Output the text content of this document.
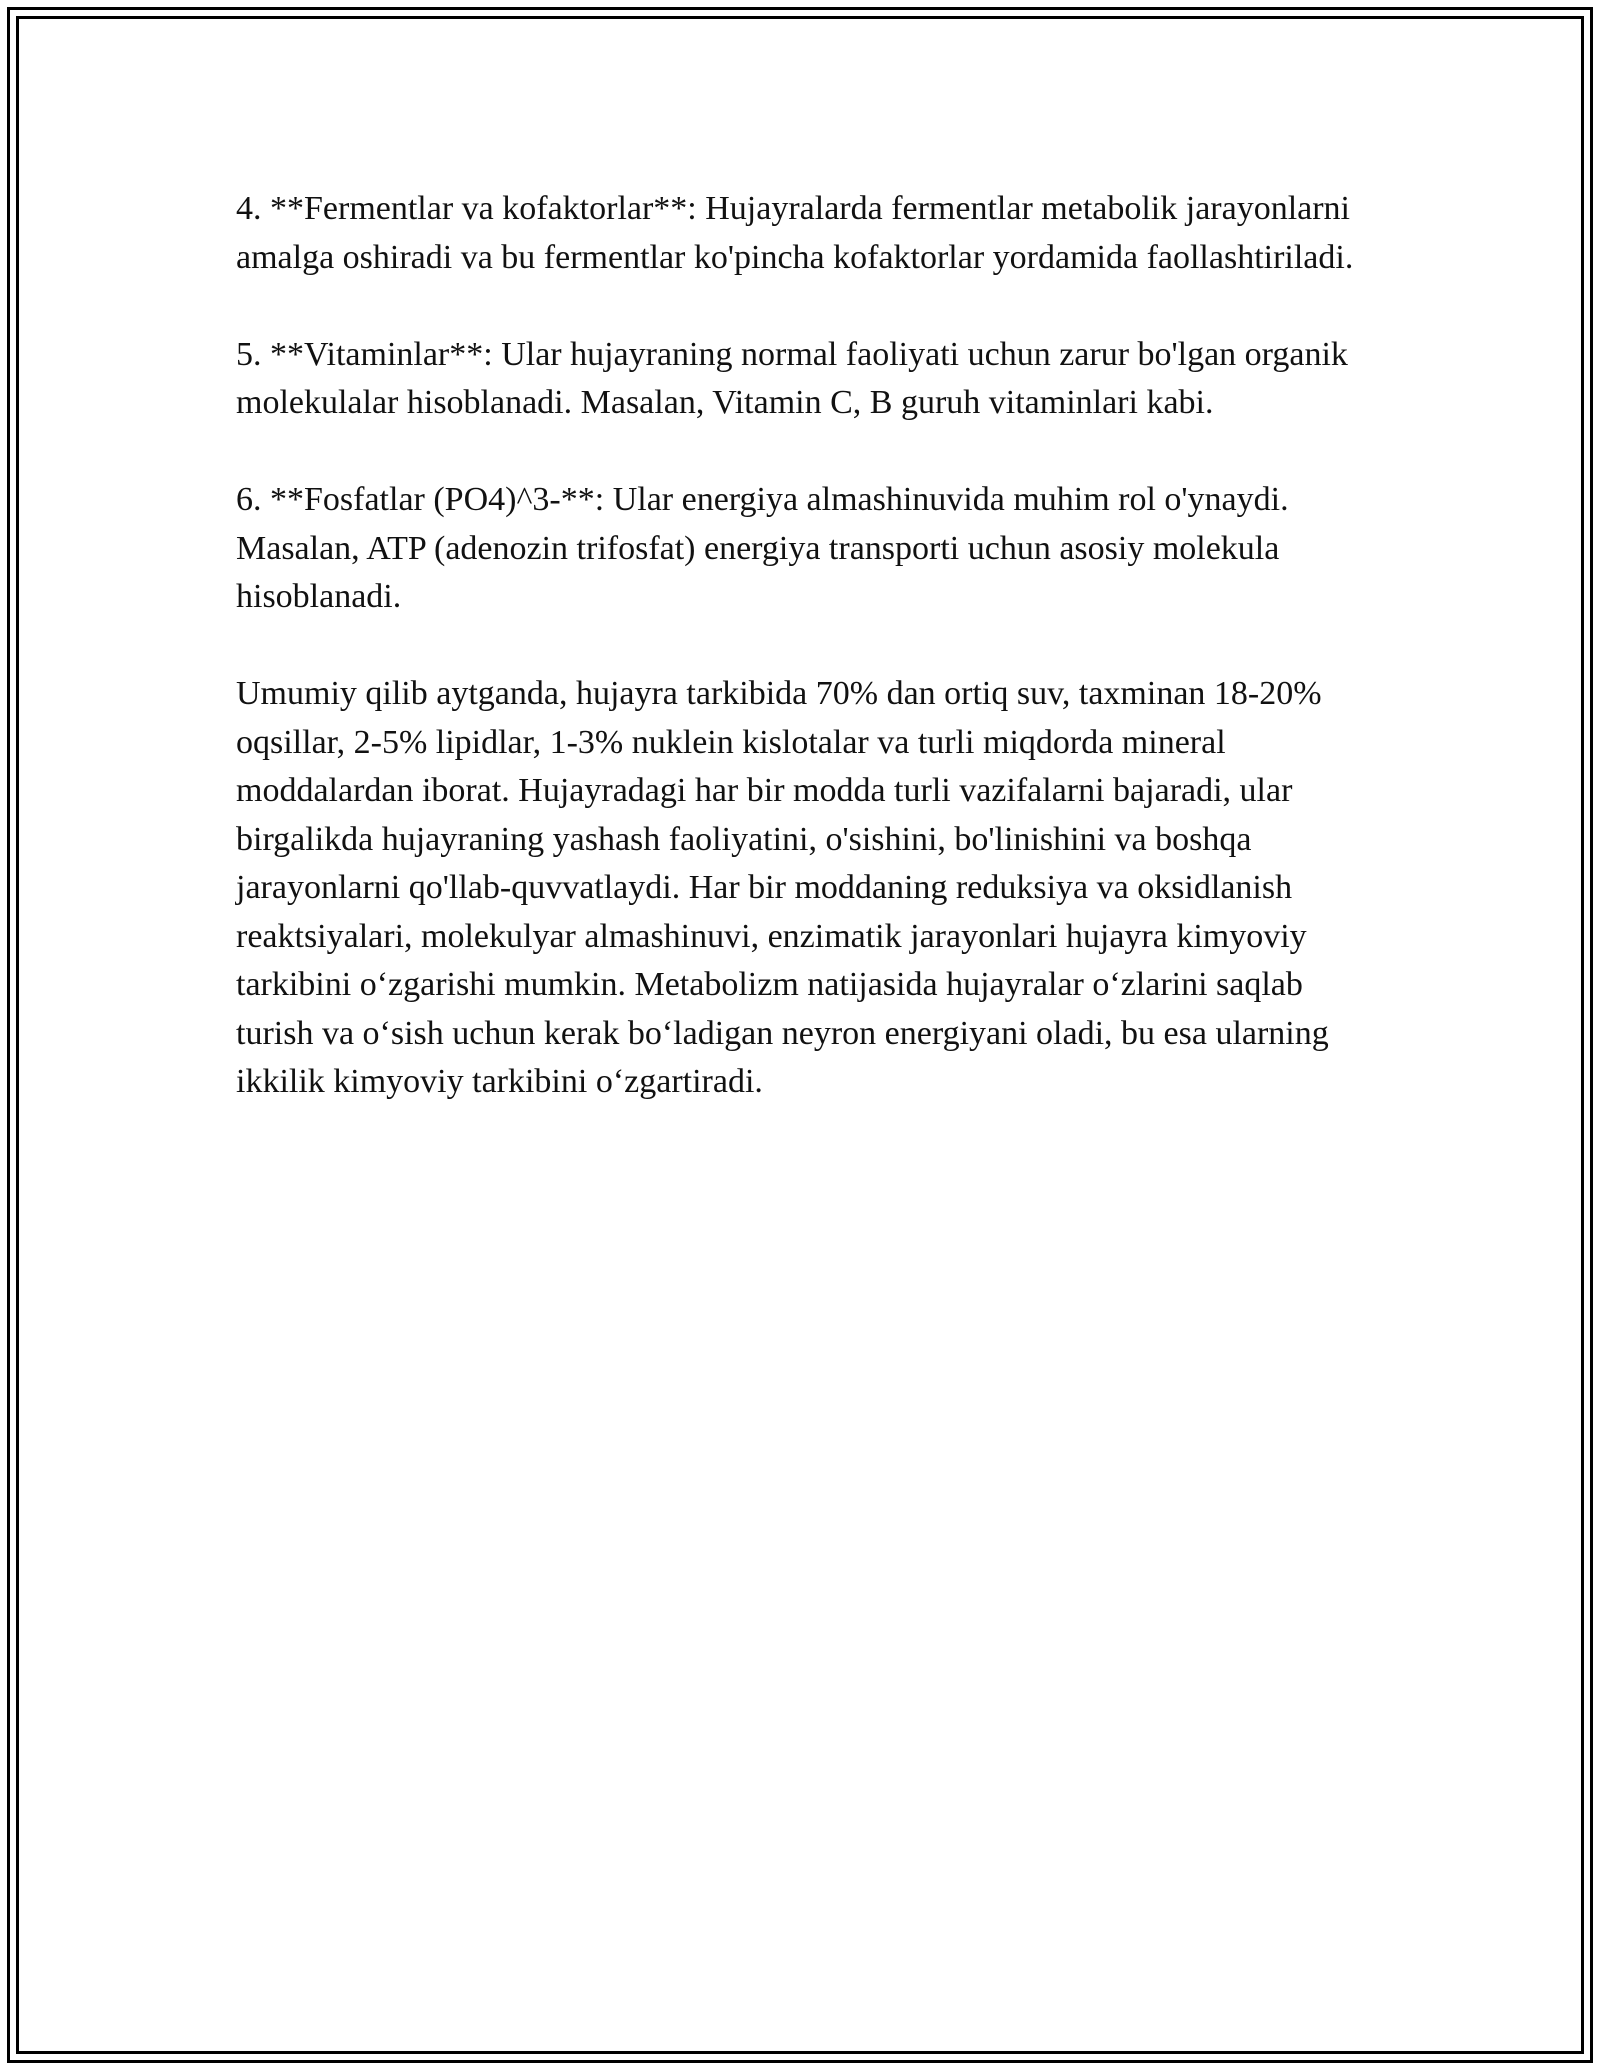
4. **Fermentlar va kofaktorlar**: Hujayralarda fermentlar metabolik jarayonlarni amalga oshiradi va bu fermentlar ko'pincha kofaktorlar yordamida faollashtiriladi.

5. **Vitaminlar**: Ular hujayraning normal faoliyati uchun zarur bo'lgan organik molekulalar hisoblanadi. Masalan, Vitamin C, B guruh vitaminlari kabi.

6. **Fosfatlar (PO4)^3-**: Ular energiya almashinuvida muhim rol o'ynaydi. Masalan, ATP (adenozin trifosfat) energiya transporti uchun asosiy molekula hisoblanadi.

Umumiy qilib aytganda, hujayra tarkibida 70% dan ortiq suv, taxminan 18-20% oqsillar, 2-5% lipidlar, 1-3% nuklein kislotalar va turli miqdorda mineral moddalardan iborat. Hujayradagi har bir modda turli vazifalarni bajaradi, ular birgalikda hujayraning yashash faoliyatini, o'sishini, bo'linishini va boshqa jarayonlarni qo'llab-quvvatlaydi. Har bir moddaning reduksiya va oksidlanish reaktsiyalari, molekulyar almashinuvi, enzimatik jarayonlari hujayra kimyoviy tarkibini o‘zgarishi mumkin. Metabolizm natijasida hujayralar o‘zlarini saqlab turish va o‘sish uchun kerak bo‘ladigan neyron energiyani oladi, bu esa ularning ikkilik kimyoviy tarkibini o‘zgartiradi.
